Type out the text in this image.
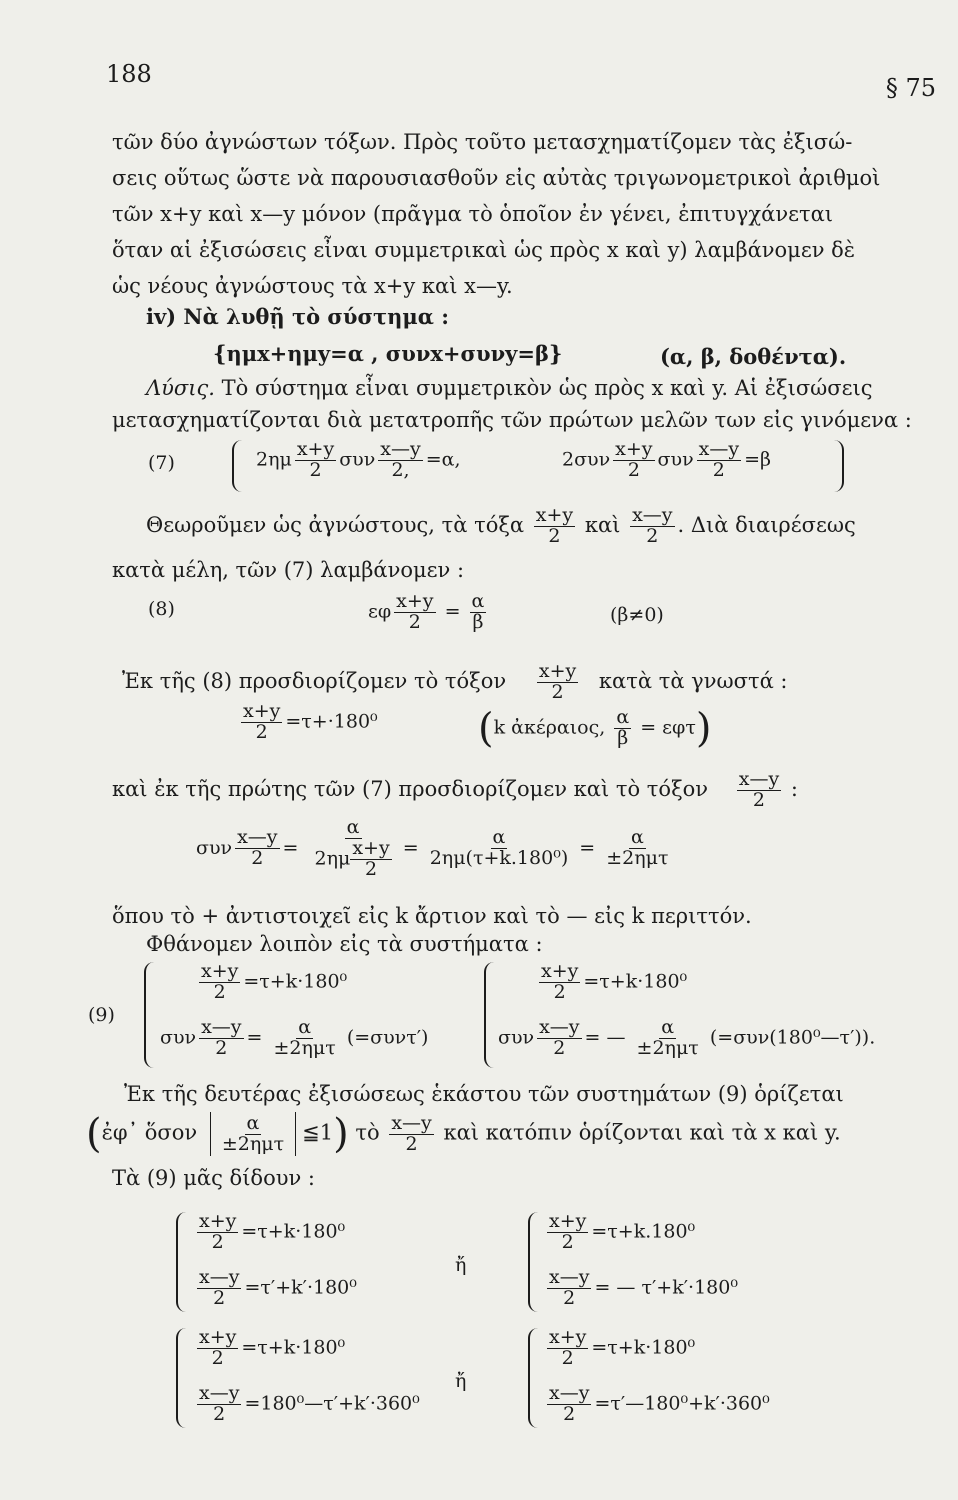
188	§ 75
τῶν δύο ἀγνώστων τόξων. Πρὸς τοῦτο μετασχηματίζομεν τὰς ἐξισώ-
σεις οὕτως ὥστε νὰ παρουσιασθοῦν εἰς αὐτὰς τριγωνομετρικοὶ ἀριθμοὶ
τῶν x+y καὶ x—y μόνον (πρᾶγμα τὸ ὁποῖον ἐν γένει, ἐπιτυγχάνεται
ὅταν αἱ ἐξισώσεις εἶναι συμμετρικαὶ ὡς πρὸς x καὶ y) λαμβάνομεν δὲ
ὡς νέους ἀγνώστους τὰ x+y καὶ x—y.
iv) Νὰ λυθῇ τὸ σύστημα :
{ημx+ημy=α , συνx+συνy=β}	(α, β, δοθέντα).
Λύσις. Τὸ σύστημα εἶναι συμμετρικὸν ὡς πρὸς x καὶ y. Αἱ ἐξισώσεις
μετασχηματίζονται διὰ μετατροπῆς τῶν πρώτων μελῶν των εἰς γινόμενα :
(7)	$2\eta\mu \frac{x+y}{2}$ συν $\frac{x—y}{2,} =\alpha$,	$2\sigma\upsilon\nu \frac{x+y}{2}$ συν $\frac{x—y}{2} =\beta$
Θεωροῦμεν ὡς ἀγνώστους, τὰ τόξα $\frac{x+y}{2}$ καὶ $\frac{x—y}{2}$ . Διὰ διαιρέσεως
κατὰ μέλη, τῶν (7) λαμβάνομεν :
(8)	εφ $\frac{x+y}{2} = \frac{\alpha}{\beta}$	(β≠0)
Ἐκ τῆς (8) προσδιορίζομεν τὸ τόξον $\frac{x+y}{2}$ κατὰ τὰ γνωστά :
$\frac{x+y}{2} =\tau+\cdot 180^0$	(k ἀκέραιος, $\frac{\alpha}{\beta} = \varepsilon\varphi\tau$)
καὶ ἐκ τῆς πρώτης τῶν (7) προσδιορίζομεν καὶ τὸ τόξον $\frac{x—y}{2}$ :
συν $\frac{x—y}{2} = \frac{\alpha}{2\eta\mu \frac{x+y}{2}} = \frac{\alpha}{\text{2ημ(τ+k.180⁰)}} = \frac{\alpha}{\text{±2ημτ}}$
ὅπου τὸ + ἀντιστοιχεῖ εἰς k ἄρτιον καὶ τὸ — εἰς k περιττόν.
Φθάνομεν λοιπὸν εἰς τὰ συστήματα :
(9)
$\frac{x+y}{2} =\tau+k\cdot 180^0$
συν $\frac{x—y}{2} = \frac{\alpha}{\text{±2ημτ}} (=\sigma\upsilon\nu\tau')$
$\frac{x+y}{2} =\tau+k\cdot 180^0$
συν $\frac{x—y}{2}$ = — $\frac{\alpha}{\text{±2ημτ}}$ (=συν(180⁰—τ′)).
Ἐκ τῆς δευτέρας ἐξισώσεως ἑκάστου τῶν συστημάτων (9) ὁρίζεται
(ἐφ᾽ ὅσον $\frac{\alpha}{\text{±2ημτ}}$ ≦1) τὸ $\frac{x—y}{2}$ καὶ κατόπιν ὁρίζονται καὶ τὰ x καὶ y.
Τὰ (9) μᾶς δίδουν :
$\frac{x+y}{2} =\tau+k\cdot 180^0$
$\frac{x—y}{2} =\tau'+k'\cdot 180^0$
ἤ
$\frac{x+y}{2} =\tau+k.180^0$
$\frac{x—y}{2}$ = — τ′+k′·180⁰
$\frac{x+y}{2} =\tau+k\cdot 180^0$
$\frac{x—y}{2}$ =180⁰—τ′+k′·360⁰
ἤ
$\frac{x+y}{2} =\tau+k\cdot 180^0$
$\frac{x—y}{2}$ =τ′—180⁰+k′·360⁰
